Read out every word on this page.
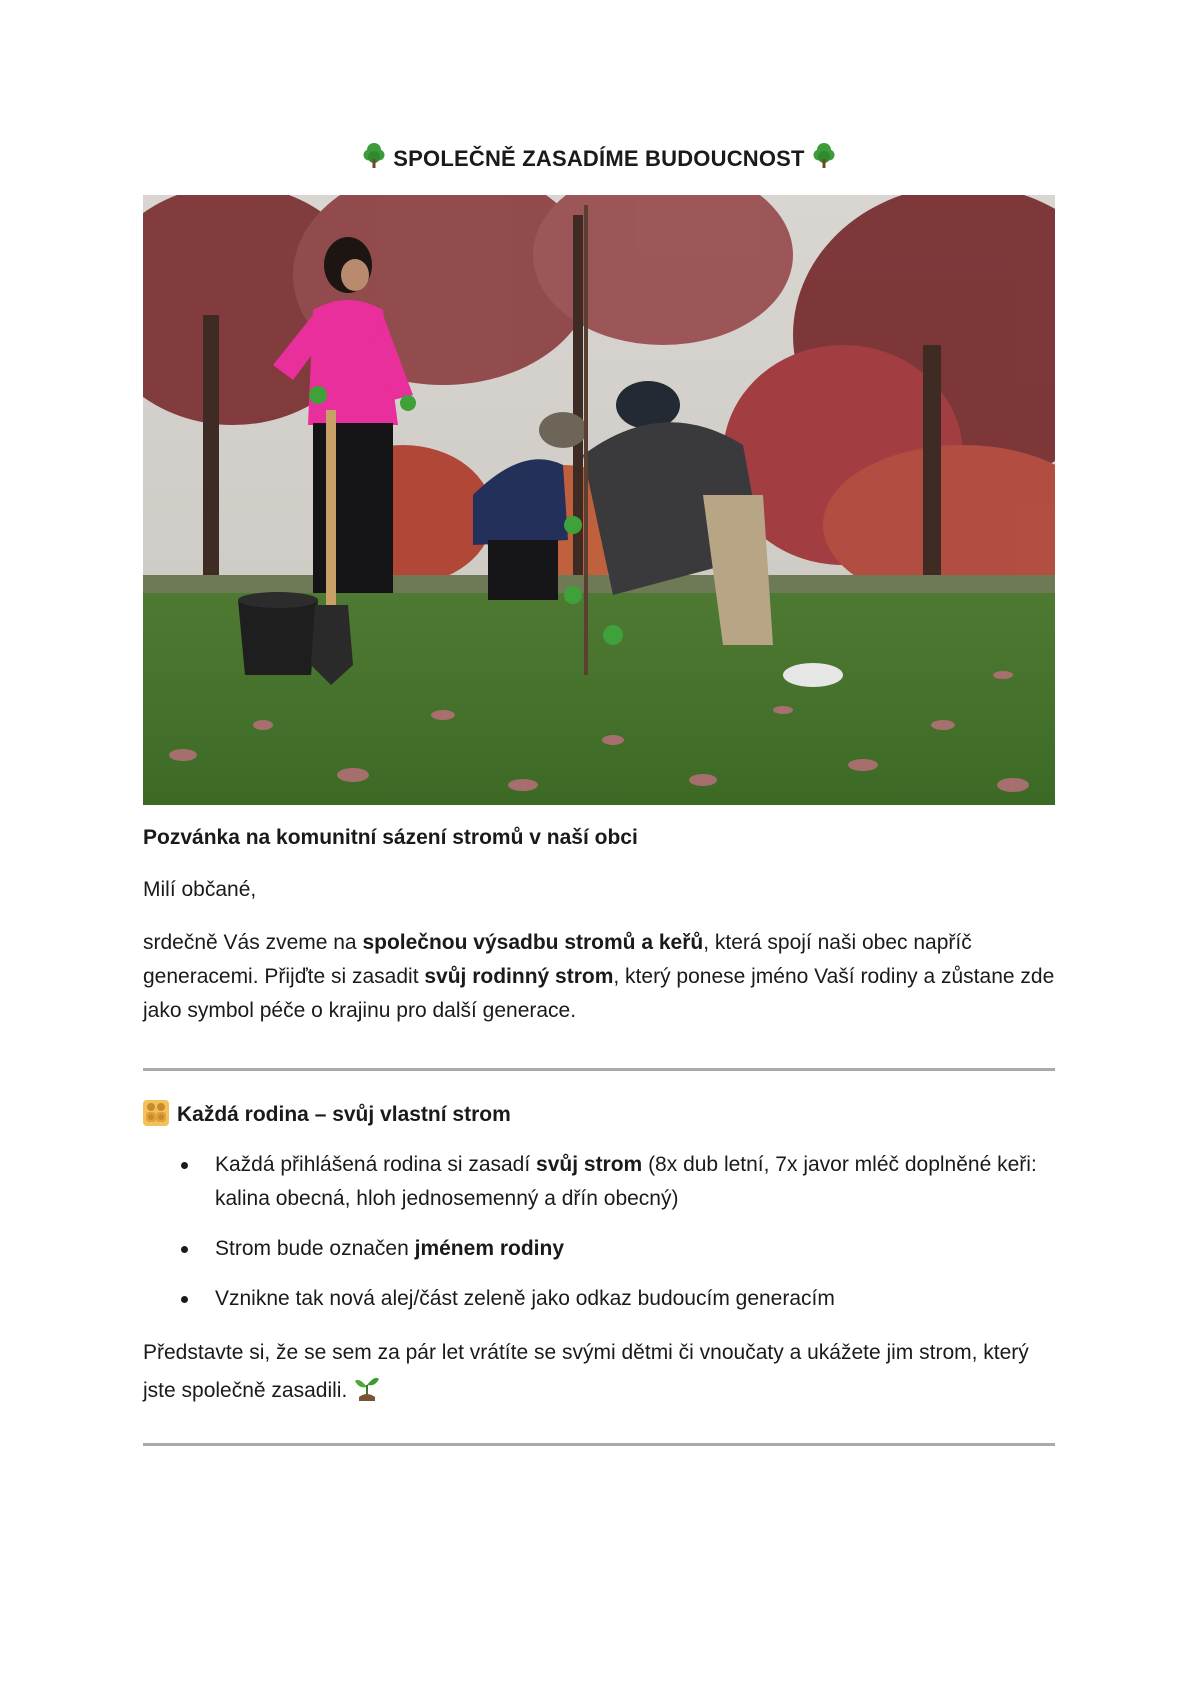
SPOLEČNĚ ZASADÍME BUDOUCNOST
Pozvánka na komunitní sázení stromů v naší obci
Milí občané,
srdečně Vás zveme na společnou výsadbu stromů a keřů, která spojí naši obec napříč generacemi. Přijďte si zasadit svůj rodinný strom, který ponese jméno Vaší rodiny a zůstane zde jako symbol péče o krajinu pro další generace.
Každá rodina – svůj vlastní strom
Každá přihlášená rodina si zasadí svůj strom (8x dub letní, 7x javor mléč doplněné keři: kalina obecná, hloh jednosemenný a dřín obecný)
Strom bude označen jménem rodiny
Vznikne tak nová alej/část zeleně jako odkaz budoucím generacím
Představte si, že se sem za pár let vrátíte se svými dětmi či vnoučaty a ukážete jim strom, který jste společně zasadili.
